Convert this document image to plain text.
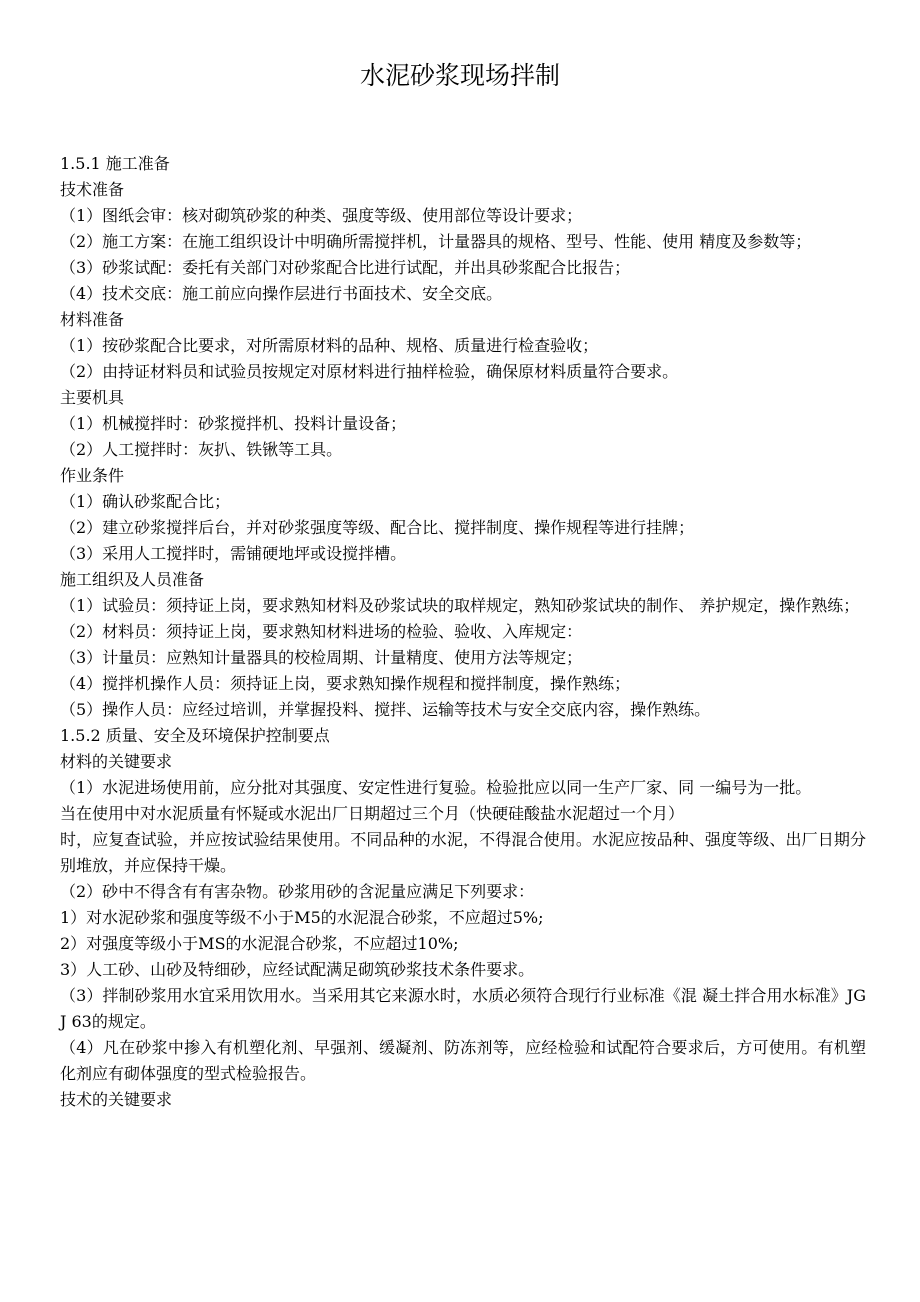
水泥砂浆现场拌制

1.5.1 施工准备

技术准备

（1）图纸会审：核对砌筑砂浆的种类、强度等级、使用部位等设计要求；

（2）施工方案：在施工组织设计中明确所需搅拌机，计量器具的规格、型号、性能、使用 精度及参数等；

（3）砂浆试配：委托有关部门对砂浆配合比进行试配，并出具砂浆配合比报告；

（4）技术交底：施工前应向操作层进行书面技术、安全交底。

材料准备

（1）按砂浆配合比要求，对所需原材料的品种、规格、质量进行检查验收；

（2）由持证材料员和试验员按规定对原材料进行抽样检验，确保原材料质量符合要求。

主要机具

（1）机械搅拌时：砂浆搅拌机、投料计量设备；

（2）人工搅拌时：灰扒、铁锹等工具。

作业条件

（1）确认砂浆配合比；

（2）建立砂浆搅拌后台，并对砂浆强度等级、配合比、搅拌制度、操作规程等进行挂牌；

（3）采用人工搅拌时，需铺硬地坪或设搅拌槽。

施工组织及人员准备

（1）试验员：须持证上岗，要求熟知材料及砂浆试块的取样规定，熟知砂浆试块的制作、 养护规定，操作熟练；

（2）材料员：须持证上岗，要求熟知材料进场的检验、验收、入库规定：

（3）计量员：应熟知计量器具的校检周期、计量精度、使用方法等规定；

（4）搅拌机操作人员：须持证上岗，要求熟知操作规程和搅拌制度，操作熟练；

（5）操作人员：应经过培训，并掌握投料、搅拌、运输等技术与安全交底内容，操作熟练。

1.5.2 质量、安全及环境保护控制要点

材料的关键要求

（1）水泥进场使用前，应分批对其强度、安定性进行复验。检验批应以同一生产厂家、同 一编号为一批。

当在使用中对水泥质量有怀疑或水泥出厂日期超过三个月（快硬硅酸盐水泥超过一个月）

时，应复查试验，并应按试验结果使用。不同品种的水泥，不得混合使用。水泥应按品种、强度等级、出厂日期分别堆放，并应保持干燥。

（2）砂中不得含有有害杂物。砂浆用砂的含泥量应满足下列要求：

1）对水泥砂浆和强度等级不小于M5的水泥混合砂浆，不应超过5%;

2）对强度等级小于MS的水泥混合砂浆，不应超过10%;

3）人工砂、山砂及特细砂，应经试配满足砌筑砂浆技术条件要求。

（3）拌制砂浆用水宜采用饮用水。当采用其它来源水时，水质必须符合现行行业标准《混 凝土拌合用水标准》JGJ 63的规定。

（4）凡在砂浆中掺入有机塑化剂、早强剂、缓凝剂、防冻剂等，应经检验和试配符合要求后，方可使用。有机塑化剂应有砌体强度的型式检验报告。

技术的关键要求
